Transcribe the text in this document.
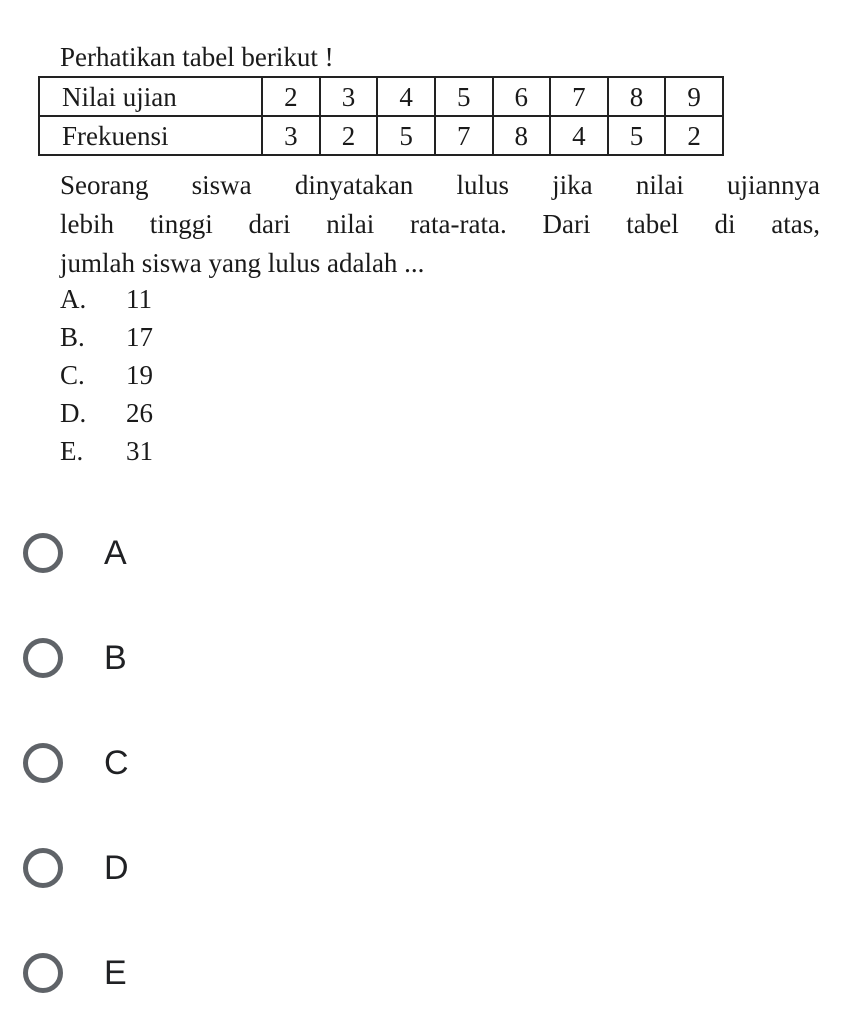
Perhatikan tabel berikut !
Nilai ujian	2	3	4	5	6	7	8	9
Frekuensi	3	2	5	7	8	4	5	2
Seorang siswa dinyatakan lulus jika nilai ujiannya
lebih tinggi dari nilai rata-rata. Dari tabel di atas,
jumlah siswa yang lulus adalah ...
A. 11
B. 17
C. 19
D. 26
E. 31
A
B
C
D
E
